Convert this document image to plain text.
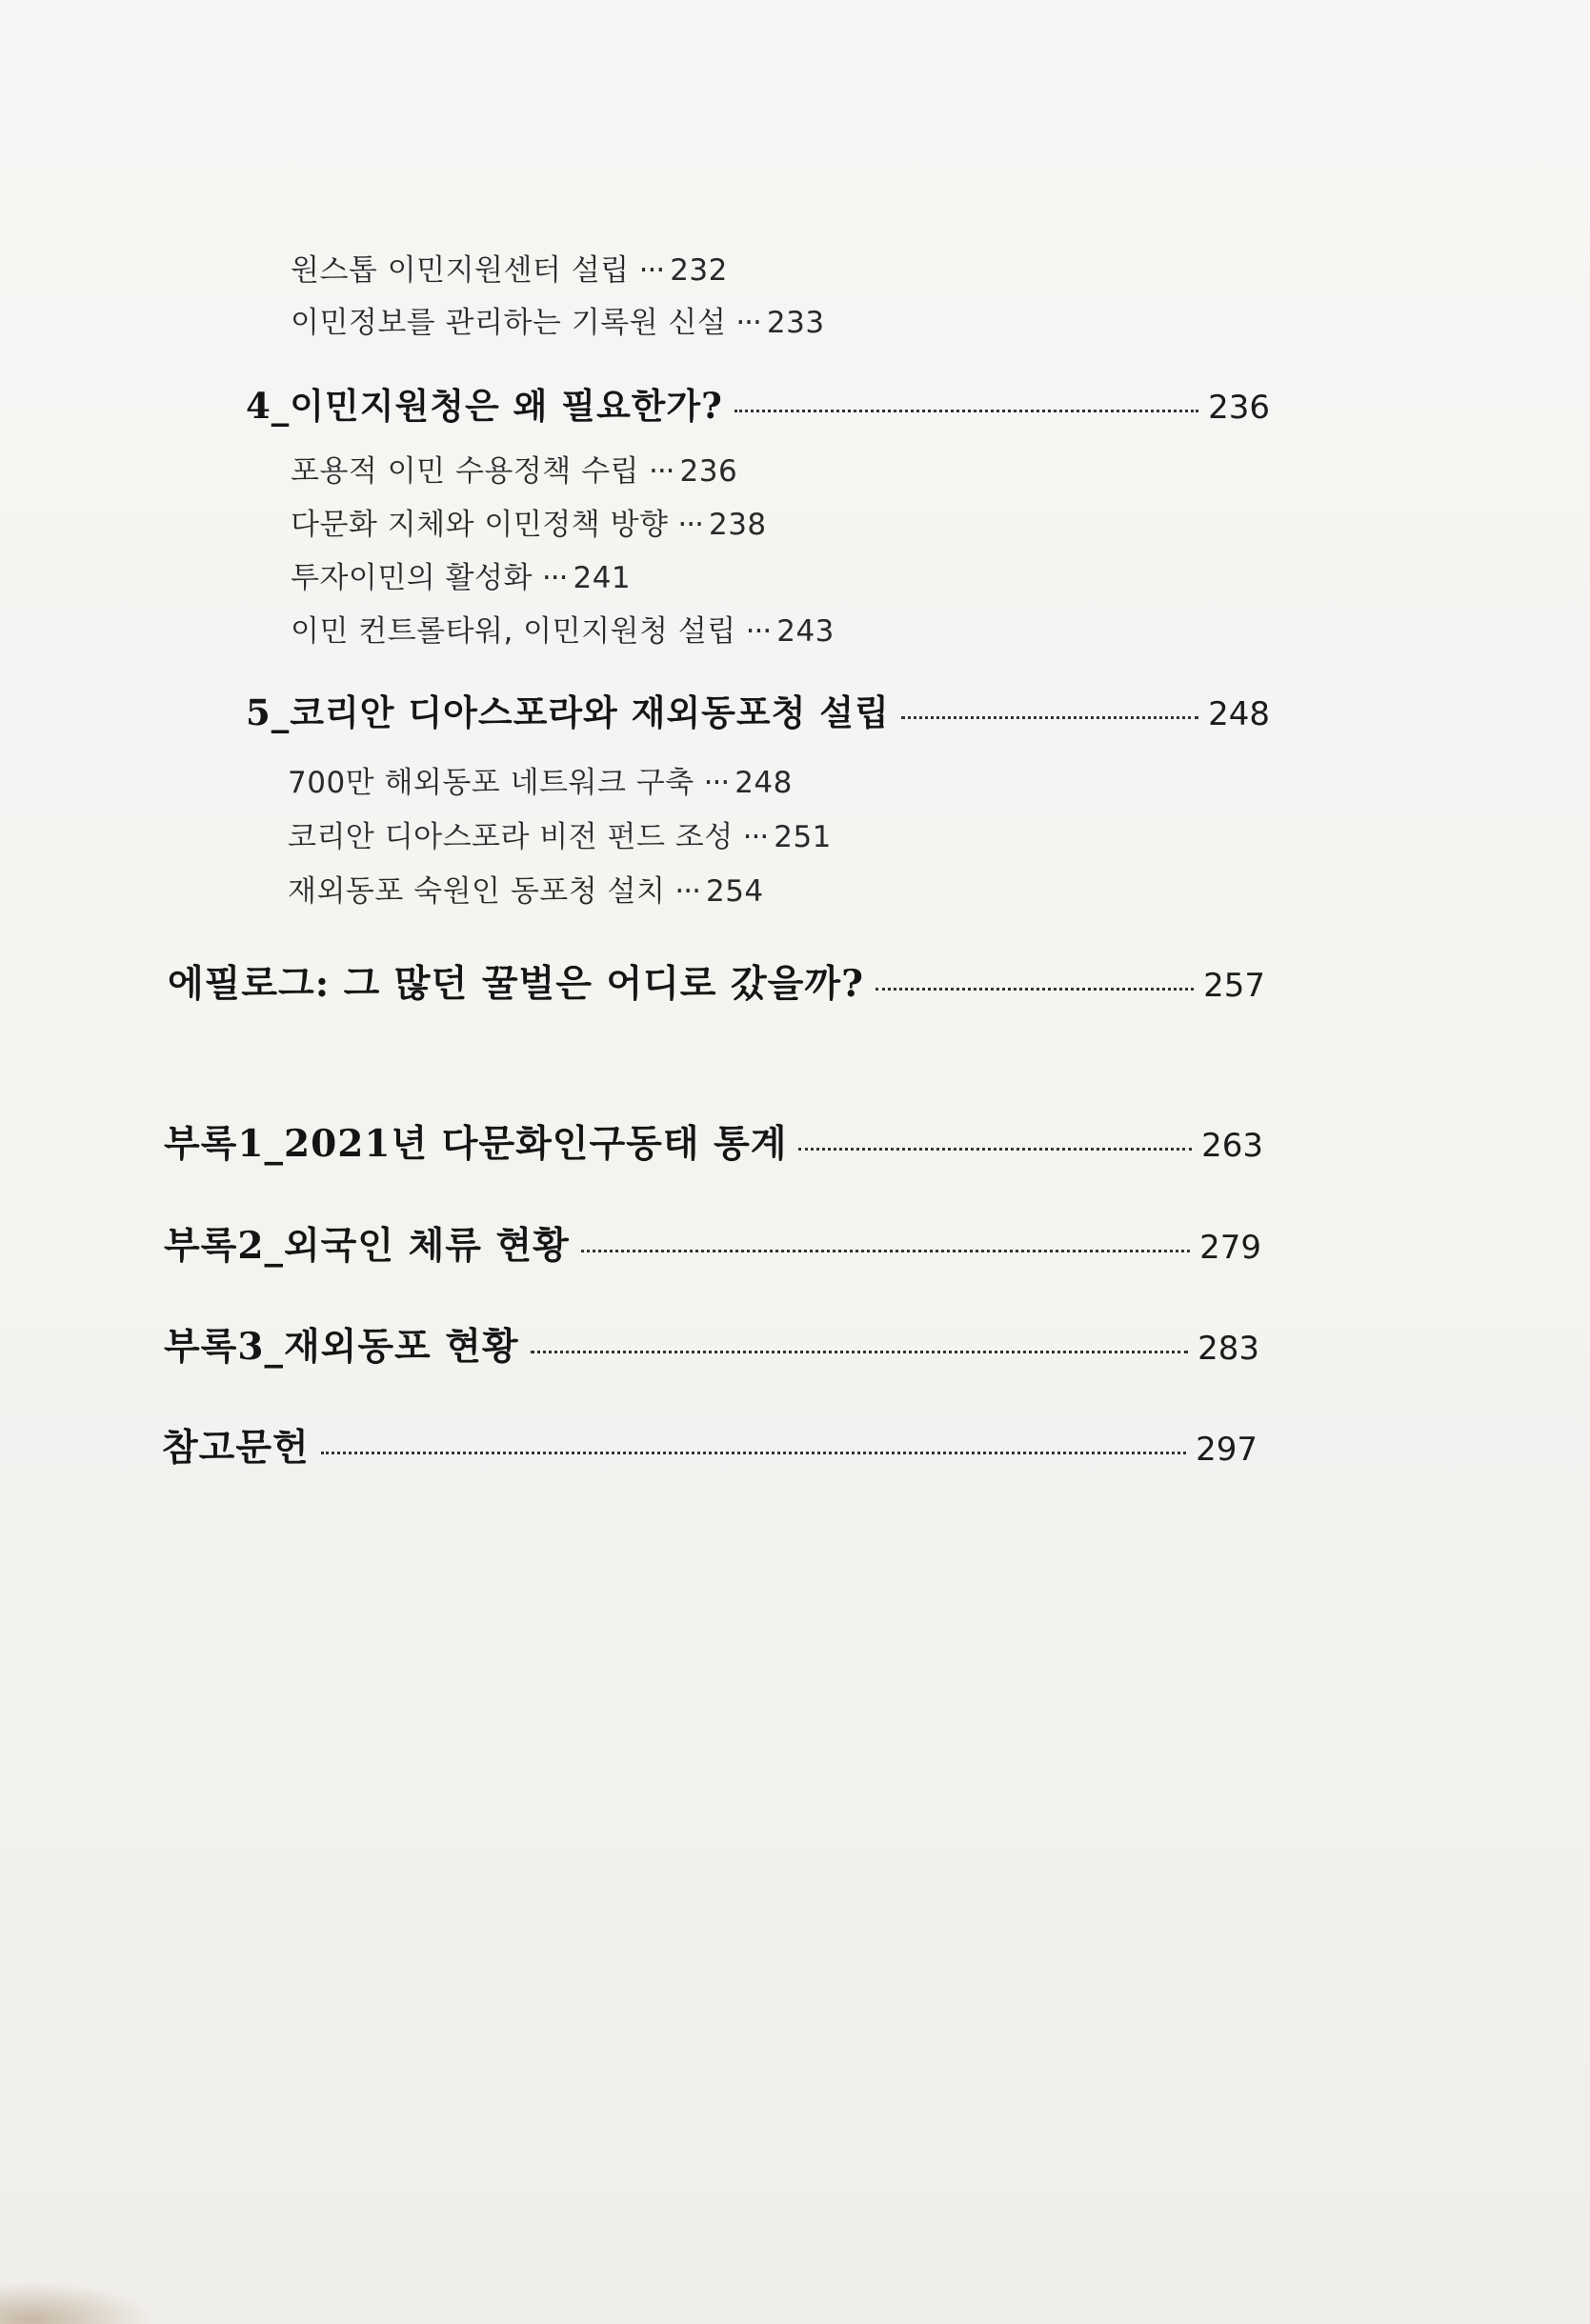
원스톱 이민지원센터 설립 ··· 232
이민정보를 관리하는 기록원 신설 ··· 233
4_이민지원청은 왜 필요한가?	236
포용적 이민 수용정책 수립 ··· 236
다문화 지체와 이민정책 방향 ··· 238
투자이민의 활성화 ··· 241
이민 컨트롤타워, 이민지원청 설립 ··· 243
5_코리안 디아스포라와 재외동포청 설립	248
700만 해외동포 네트워크 구축 ··· 248
코리안 디아스포라 비전 펀드 조성 ··· 251
재외동포 숙원인 동포청 설치 ··· 254
에필로그: 그 많던 꿀벌은 어디로 갔을까?	257
부록1_2021년 다문화인구동태 통계	263
부록2_외국인 체류 현황	279
부록3_재외동포 현황	283
참고문헌	297
